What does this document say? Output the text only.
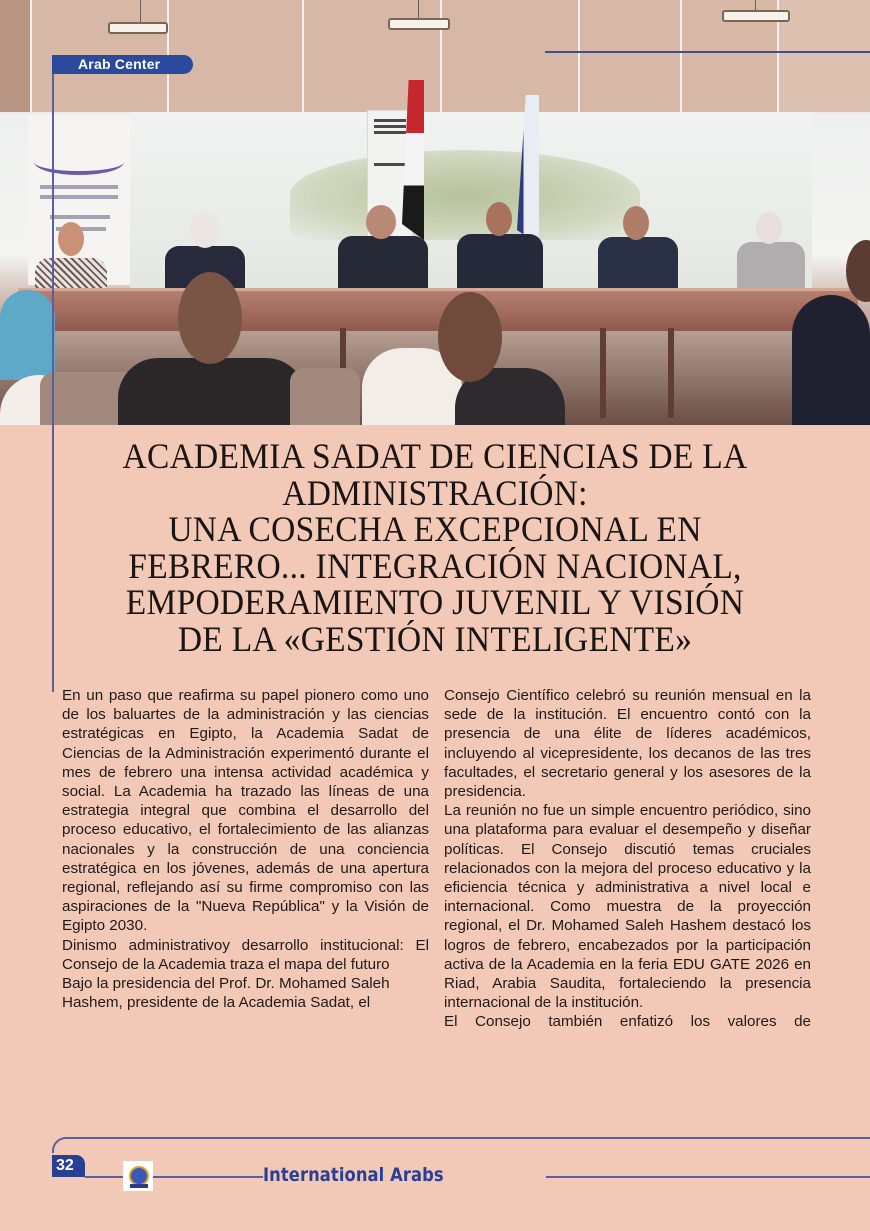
Arab Center
ACADEMIA SADAT DE CIENCIAS DE LA
ADMINISTRACIÓN:
UNA COSECHA EXCEPCIONAL EN
FEBRERO... INTEGRACIÓN NACIONAL,
EMPODERAMIENTO JUVENIL Y VISIÓN
DE LA «GESTIÓN INTELIGENTE»

En un paso que reafirma su papel pionero como uno de los baluartes de la administración y las ciencias estratégicas en Egipto, la Academia Sadat de Ciencias de la Administración experimentó durante el mes de febrero una intensa actividad académica y social. La Academia ha trazado las líneas de una estrategia integral que combina el desarrollo del proceso educativo, el fortalecimiento de las alianzas nacionales y la construcción de una conciencia estratégica en los jóvenes, además de una apertura regional, reflejando así su firme compromiso con las aspiraciones de la "Nueva República" y la Visión de Egipto 2030.

Dinismo administrativoy desarrollo institucional: El Consejo de la Academia traza el mapa del futuro

Bajo la presidencia del Prof. Dr. Mohamed Saleh Hashem, presidente de la Academia Sadat, el

Consejo Científico celebró su reunión mensual en la sede de la institución. El encuentro contó con la presencia de una élite de líderes académicos, incluyendo al vicepresidente, los decanos de las tres facultades, el secretario general y los asesores de la presidencia.

La reunión no fue un simple encuentro periódico, sino una plataforma para evaluar el desempeño y diseñar políticas. El Consejo discutió temas cruciales relacionados con la mejora del proceso educativo y la eficiencia técnica y administrativa a nivel local e internacional. Como muestra de la proyección regional, el Dr. Mohamed Saleh Hashem destacó los logros de febrero, encabezados por la participación activa de la Academia en la feria EDU GATE 2026 en Riad, Arabia Saudita, fortaleciendo la presencia internacional de la institución.

El Consejo también enfatizó los valores de

32	International Arabs
